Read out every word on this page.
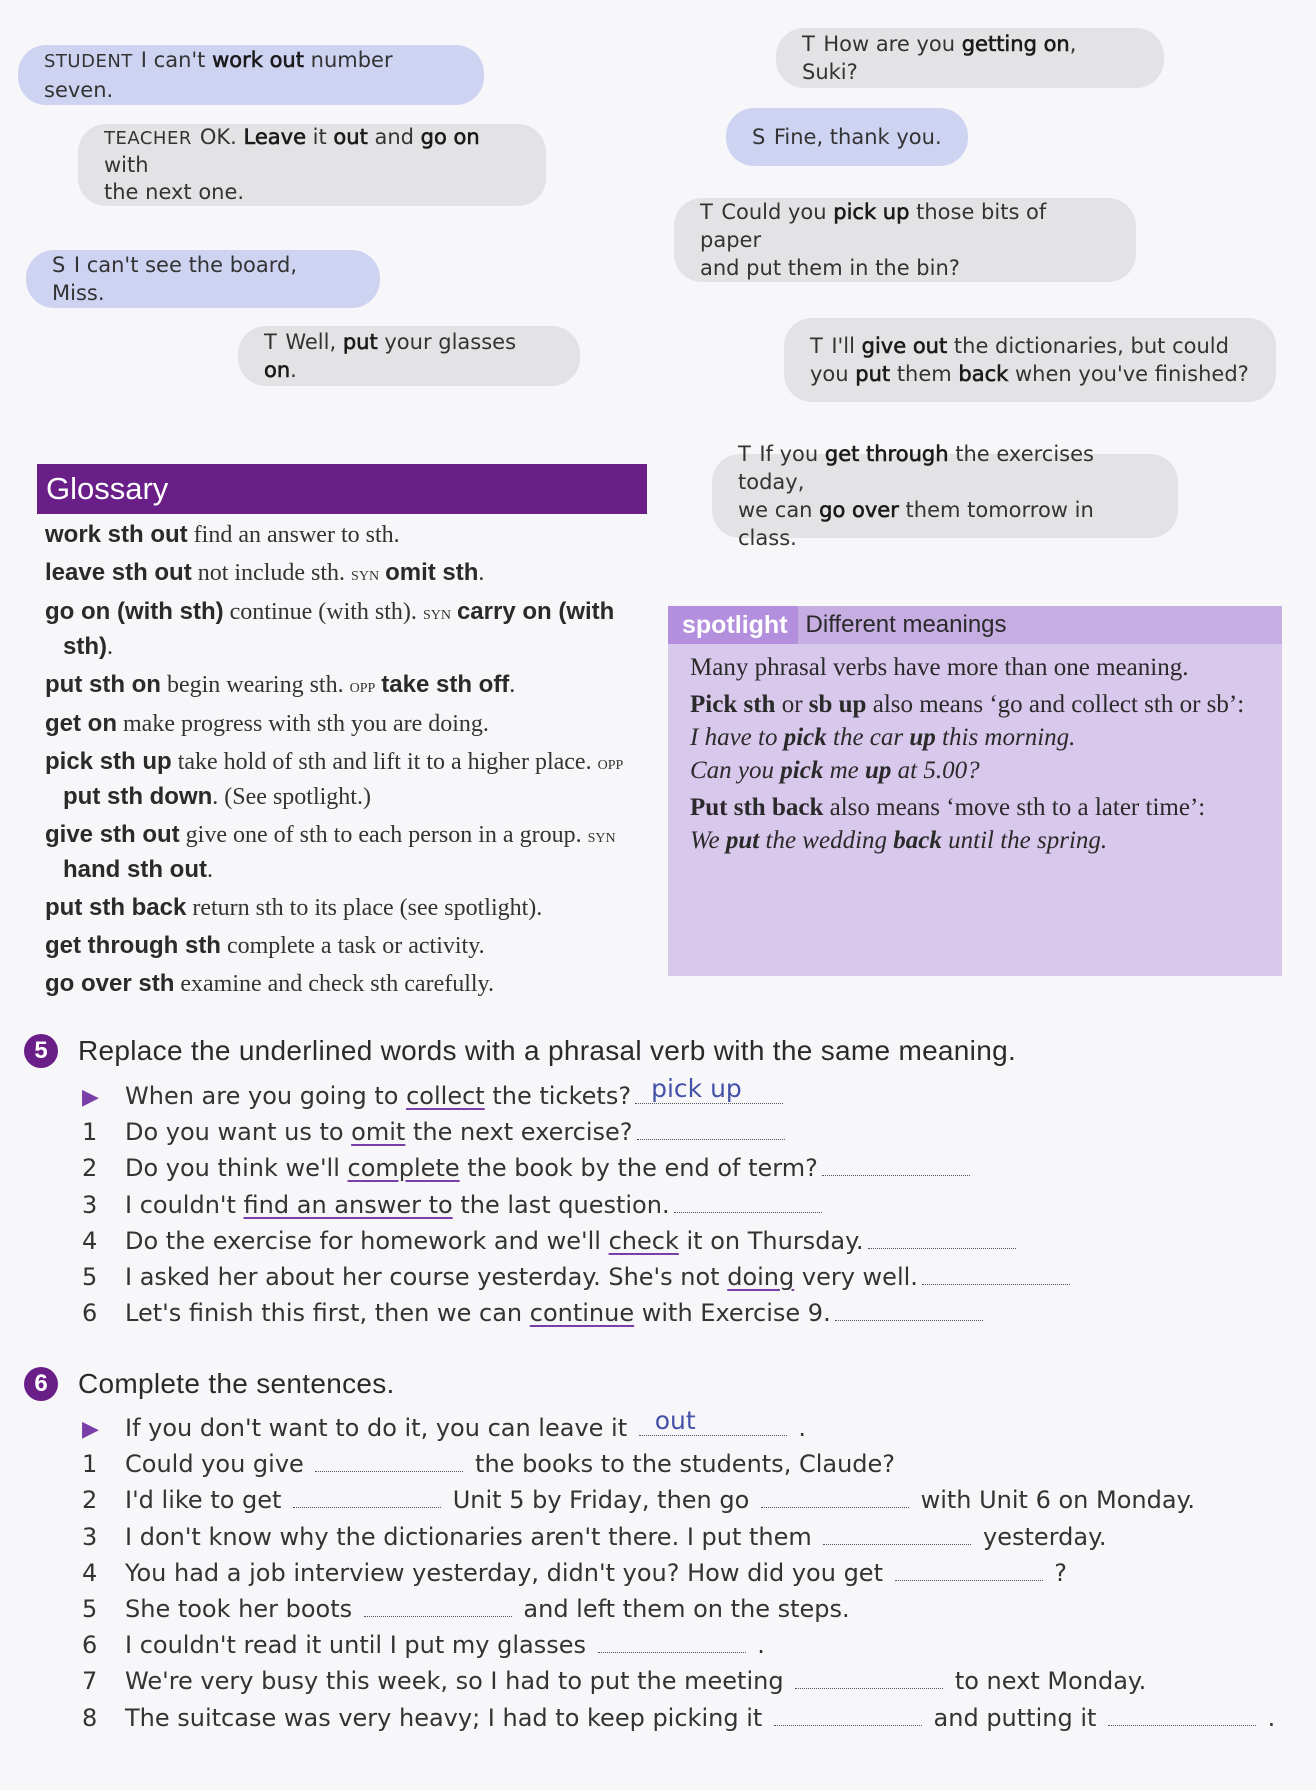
STUDENT I can't work out number seven.
TEACHER OK. Leave it out and go on with
the next one.
S I can't see the board, Miss.
T Well, put your glasses on.
T How are you getting on, Suki?
S Fine, thank you.
T Could you pick up those bits of paper
and put them in the bin?
T I'll give out the dictionaries, but could
you put them back when you've finished?
T If you get through the exercises today,
we can go over them tomorrow in class.
Glossary
work sth out find an answer to sth.
leave sth out not include sth. syn omit sth.
go on (with sth) continue (with sth). syn carry on (with sth).
put sth on begin wearing sth. opp take sth off.
get on make progress with sth you are doing.
pick sth up take hold of sth and lift it to a higher place. opp put sth down. (See spotlight.)
give sth out give one of sth to each person in a group. syn hand sth out.
put sth back return sth to its place (see spotlight).
get through sth complete a task or activity.
go over sth examine and check sth carefully.
spotlight Different meanings

Many phrasal verbs have more than one meaning.

Pick sth or sb up also means ‘go and collect sth or sb’:

I have to pick the car up this morning.

Can you pick me up at 5.00?

Put sth back also means ‘move sth to a later time’:

We put the wedding back until the spring.

5	Replace the underlined words with a phrasal verb with the same meaning.
▶ When are you going to collect the tickets? pick up
1 Do you want us to omit the next exercise?
2 Do you think we'll complete the book by the end of term?
3 I couldn't find an answer to the last question.
4 Do the exercise for homework and we'll check it on Thursday.
5 I asked her about her course yesterday. She's not doing very well.
6 Let's finish this first, then we can continue with Exercise 9.
6	Complete the sentences.
▶ If you don't want to do it, you can leave it out	.
1 Could you give	the books to the students, Claude?
2 I'd like to get	Unit 5 by Friday, then go	with Unit 6 on Monday.
3 I don't know why the dictionaries aren't there. I put them	yesterday.
4 You had a job interview yesterday, didn't you? How did you get	?
5 She took her boots	and left them on the steps.
6 I couldn't read it until I put my glasses	.
7 We're very busy this week, so I had to put the meeting	to next Monday.
8 The suitcase was very heavy; I had to keep picking it	and putting it	.
